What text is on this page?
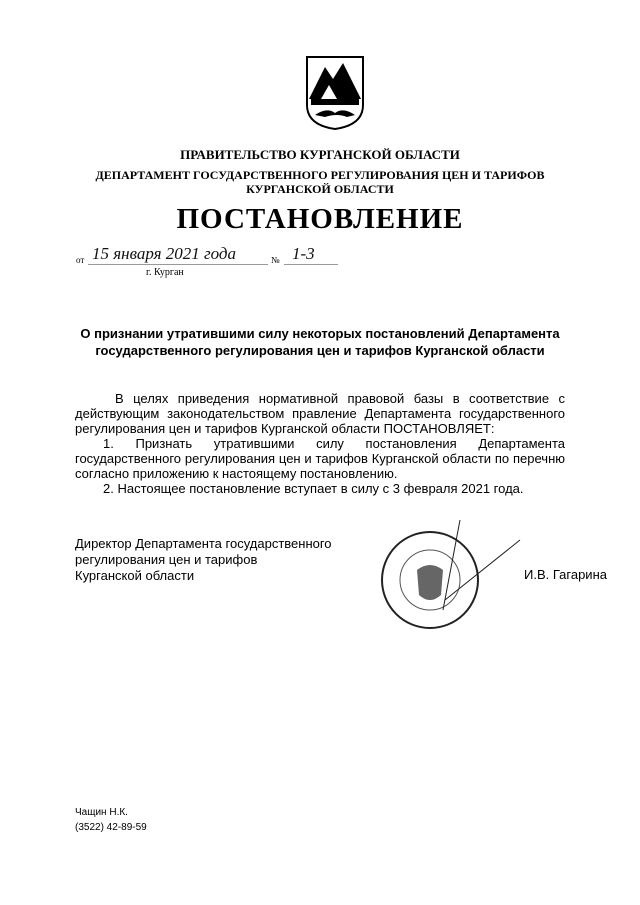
ПРАВИТЕЛЬСТВО КУРГАНСКОЙ ОБЛАСТИ
ДЕПАРТАМЕНТ ГОСУДАРСТВЕННОГО РЕГУЛИРОВАНИЯ ЦЕН И ТАРИФОВ
КУРГАНСКОЙ ОБЛАСТИ
ПОСТАНОВЛЕНИЕ
от 15 января 2021 года	№ 1-3
г. Курган
О признании утратившими силу некоторых постановлений Департамента
государственного регулирования цен и тарифов Курганской области

В целях приведения нормативной правовой базы в соответствие с действующим законодательством правление Департамента государственного регулирования цен и тарифов Курганской области ПОСТАНОВЛЯЕТ:

1. Признать утратившими силу постановления Департамента государственного регулирования цен и тарифов Курганской области по перечню согласно приложению к настоящему постановлению.

2. Настоящее постановление вступает в силу с 3 февраля 2021 года.

Директор Департамента государственного
регулирования цен и тарифов
Курганской области	И.В. Гагарина
Чащин Н.К.
(3522) 42-89-59
